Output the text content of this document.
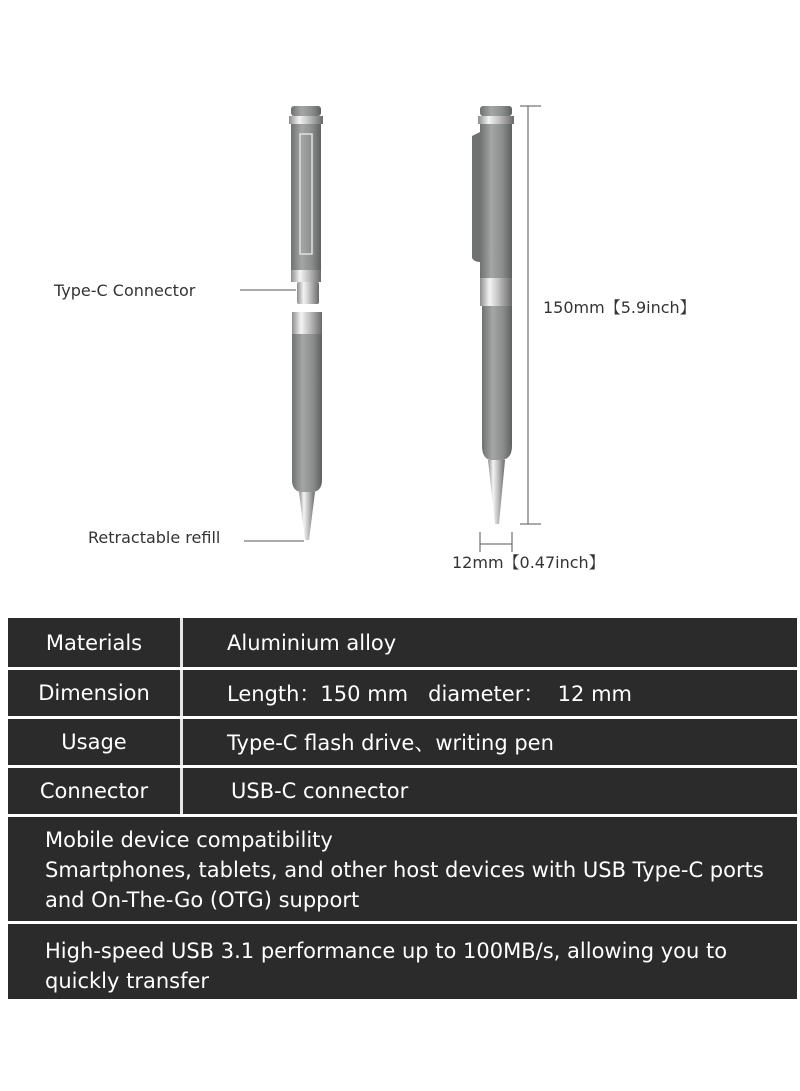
Type-C Connector
Retractable refill
150mm【5.9inch】
12mm【0.47inch】
Materials	Aluminium alloy
Dimension	Length：150 mm   diameter：  12 mm
Usage	Type-C flash drive、writing pen
Connector	USB-C connector
Mobile device compatibility
Smartphones, tablets, and other host devices with USB Type-C ports
and On-The-Go (OTG) support
High-speed USB 3.1 performance up to 100MB/s, allowing you to
quickly transfer
